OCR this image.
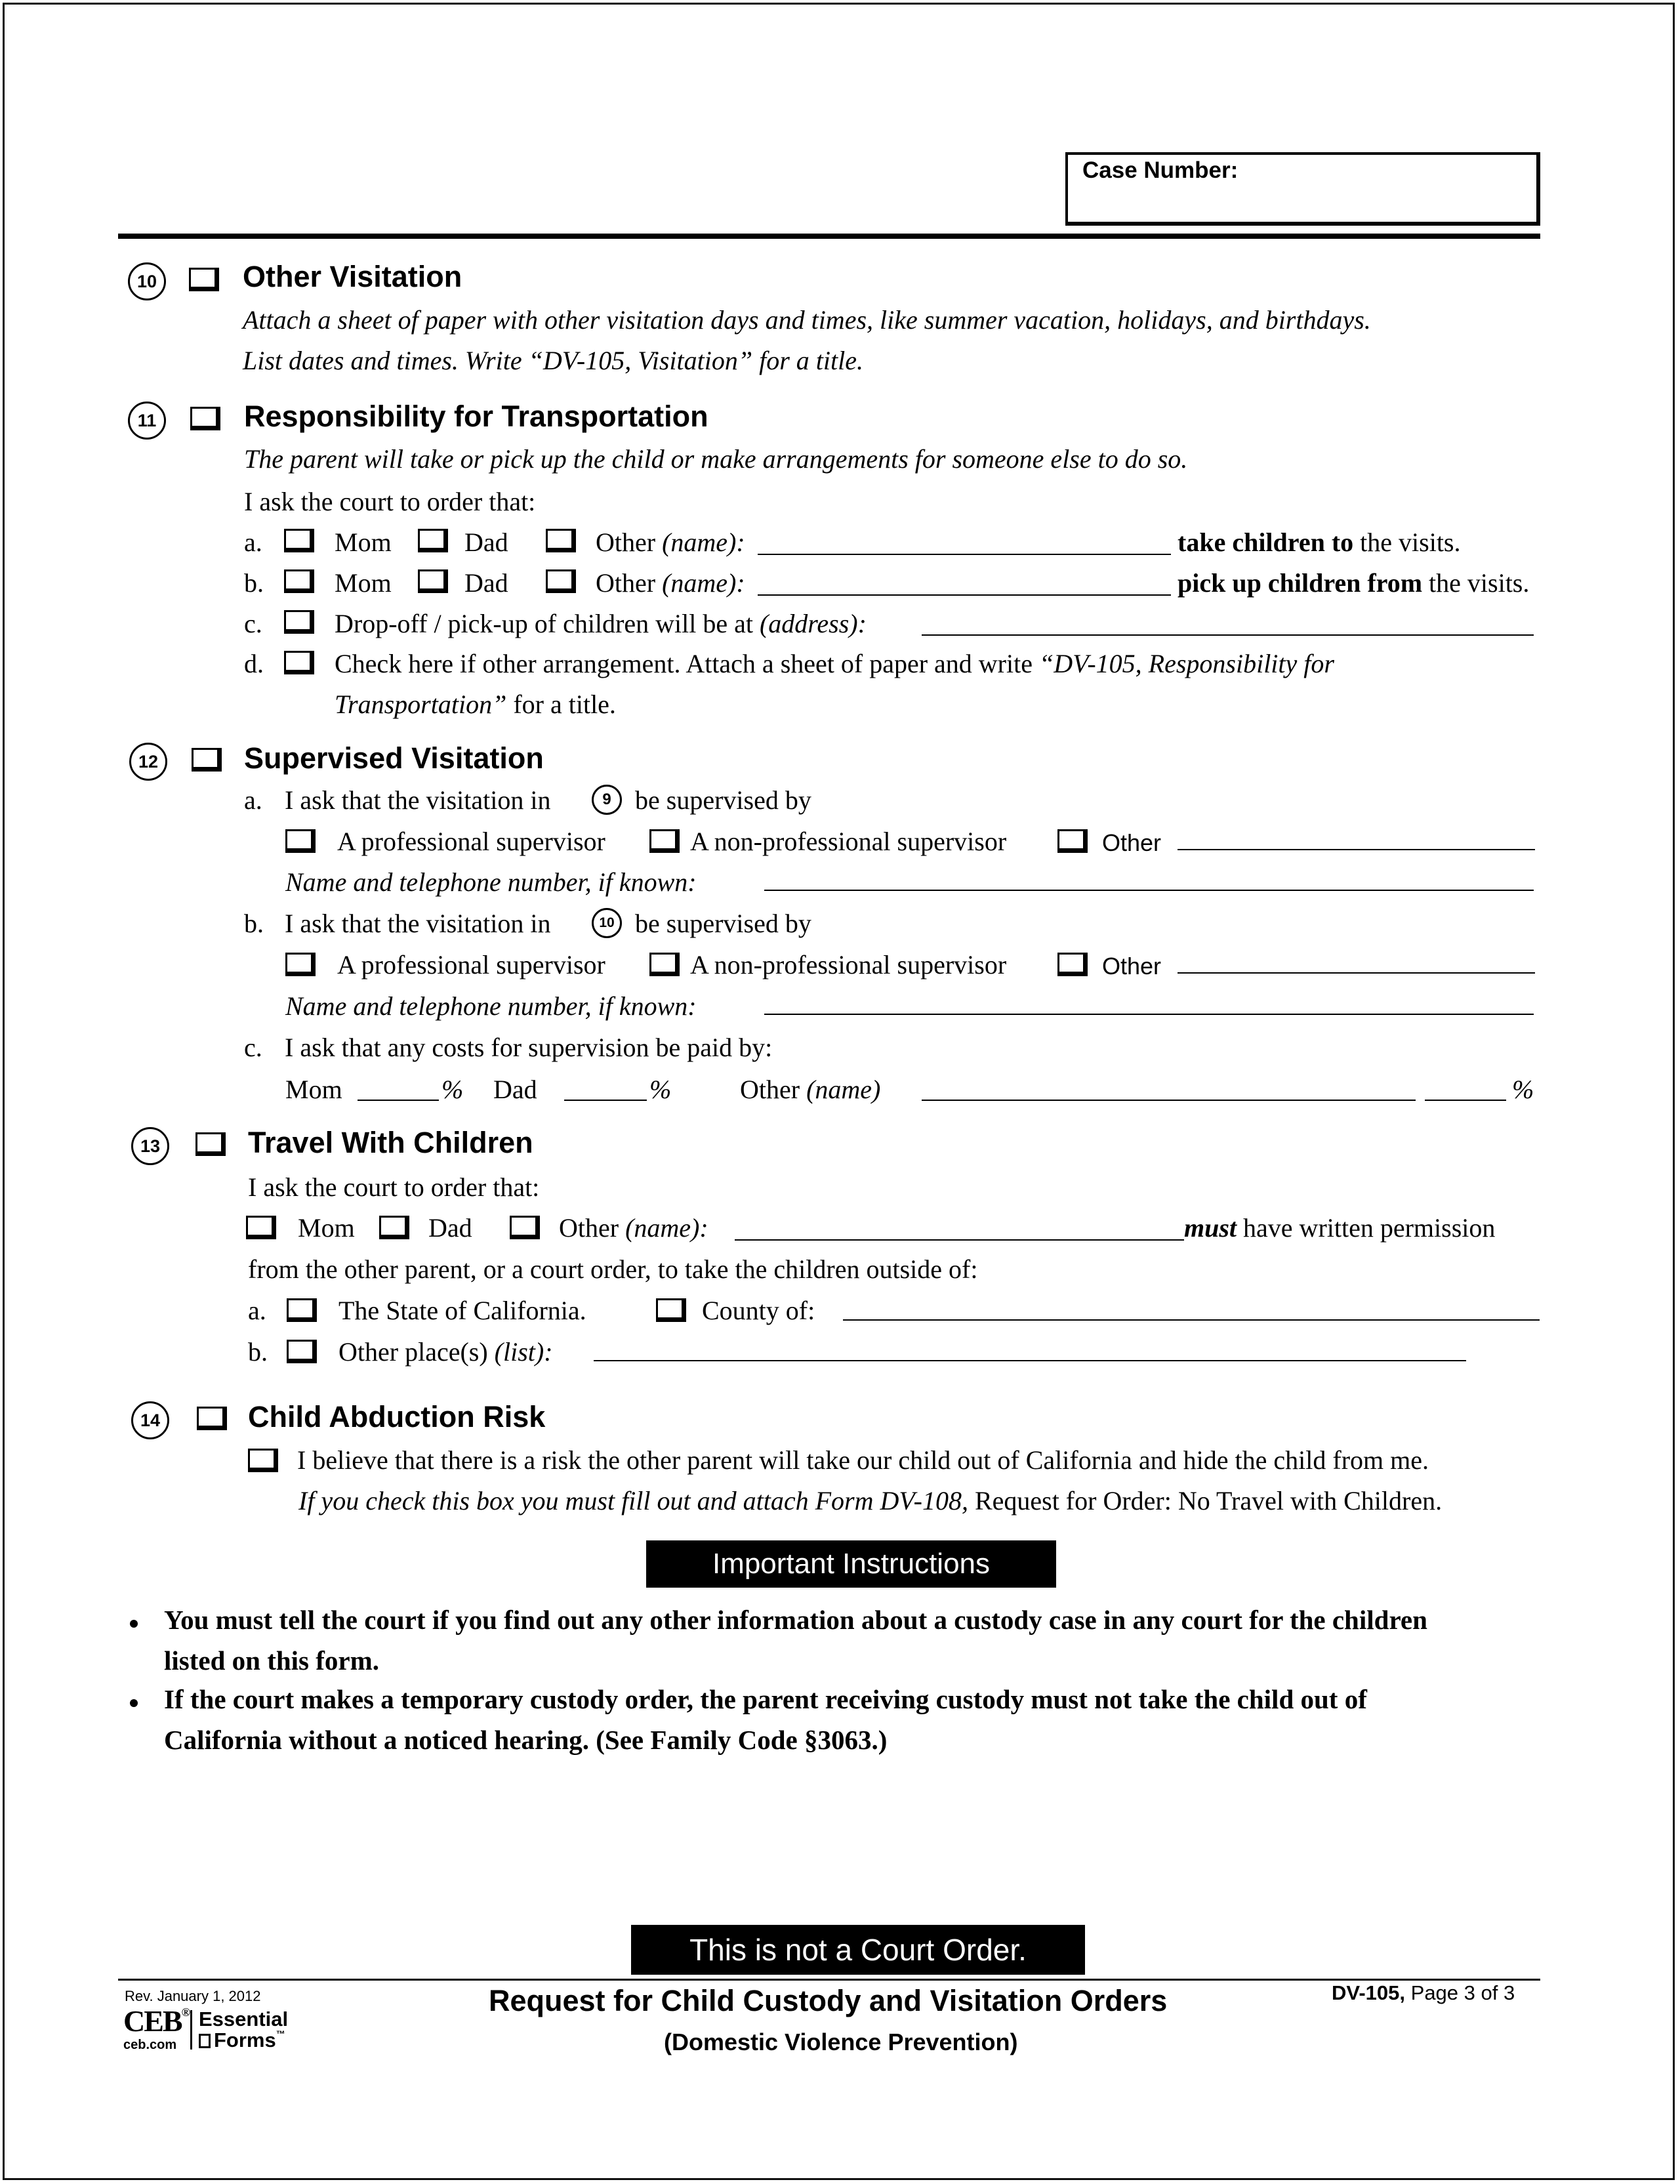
Case Number:
10	Other Visitation
Attach a sheet of paper with other visitation days and times, like summer vacation, holidays, and birthdays.
List dates and times. Write “DV-105, Visitation” for a title.
11	Responsibility for Transportation
The parent will take or pick up the child or make arrangements for someone else to do so.
I ask the court to order that:
a.	Mom	Dad	Other (name):	take children to the visits.
b.	Mom	Dad	Other (name):	pick up children from the visits.
c.	Drop-off / pick-up of children will be at (address):
d.	Check here if other arrangement. Attach a sheet of paper and write “DV-105, Responsibility for
Transportation” for a title.
12	Supervised Visitation
a. I ask that the visitation in	9 be supervised by
A professional supervisor	A non-professional supervisor	Other
Name and telephone number, if known:
b. I ask that the visitation in	10 be supervised by
A professional supervisor	A non-professional supervisor	Other
Name and telephone number, if known:
c. I ask that any costs for supervision be paid by:
Mom	% Dad	%	Other (name)	%
13	Travel With Children
I ask the court to order that:
Mom	Dad	Other (name):	must have written permission
from the other parent, or a court order, to take the children outside of:
a.	The State of California.	County of:
b.	Other place(s) (list):
14	Child Abduction Risk
I believe that there is a risk the other parent will take our child out of California and hide the child from me.
If you check this box you must fill out and attach Form DV-108, Request for Order: No Travel with Children.
Important Instructions
You must tell the court if you find out any other information about a custody case in any court for the children
listed on this form.
If the court makes a temporary custody order, the parent receiving custody must not take the child out of
California without a noticed hearing. (See Family Code §3063.)
This is not a Court Order.
Rev. January 1, 2012
CEB®
ceb.com
Essential
Forms™
Request for Child Custody and Visitation Orders
(Domestic Violence Prevention)
DV-105, Page 3 of 3
